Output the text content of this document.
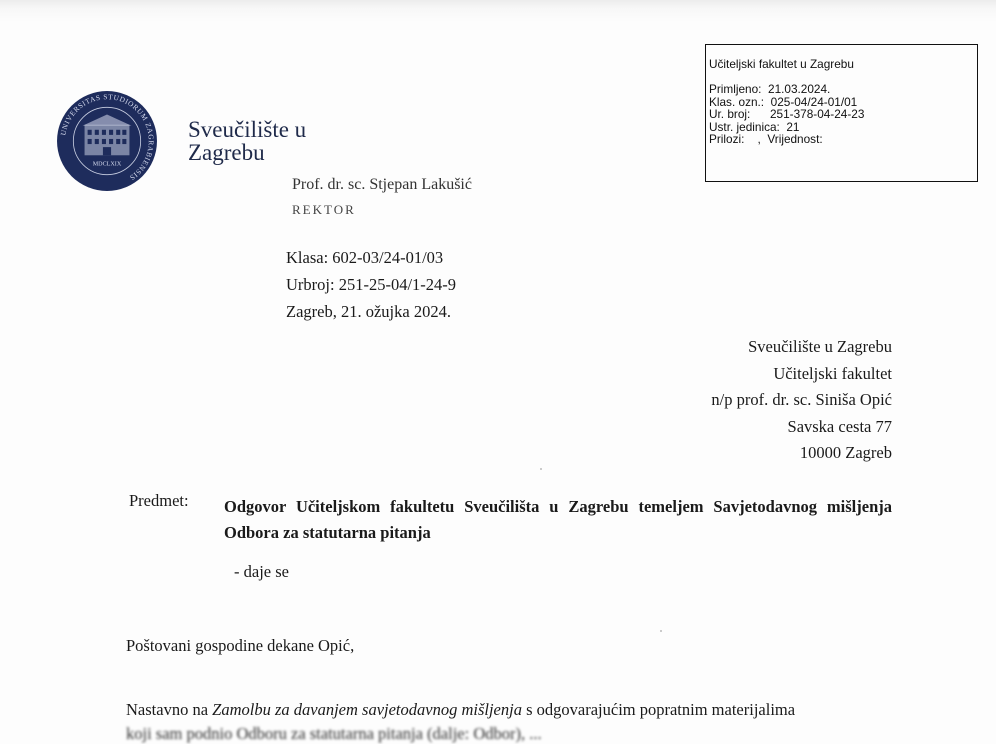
UNIVERSITAS STUDIORUM ZAGRABIENSIS
MDCLXIX
Sveučilište u
Zagrebu
Prof. dr. sc. Stjepan Lakušić
REKTOR
Klasa: 602-03/24-01/03
Urbroj: 251-25-04/1-24-9
Zagreb, 21. ožujka 2024.
Učiteljski fakultet u Zagrebu
Primljeno:  21.03.2024.
Klas. ozn.:  025-04/24-01/01
Ur. broj:      251-378-04-24-23
Ustr. jedinica:  21
Prilozi:    ,  Vrijednost:
Sveučilište u Zagrebu
Učiteljski fakultet
n/p prof. dr. sc. Siniša Opić
Savska cesta 77
10000 Zagreb
Predmet: Odgovor Učiteljskom fakultetu Sveučilišta u Zagrebu temeljem Savjetodavnog mišljenja Odbora za statutarna pitanja
- daje se
Poštovani gospodine dekane Opić,
Nastavno na Zamolbu za davanjem savjetodavnog mišljenja s odgovarajućim popratnim materijalima
koji sam podnio Odboru za statutarna pitanja (dalje: Odbor), ...
